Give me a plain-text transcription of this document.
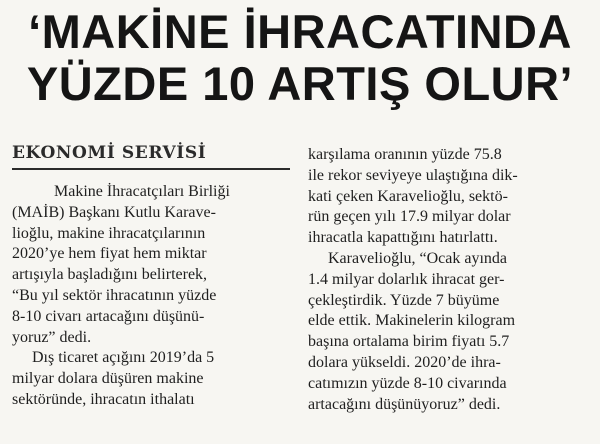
‘MAKİNE İHRACATINDA
YÜZDE 10 ARTIŞ OLUR’
EKONOMİ SERVİSİ

Makine İhracatçıları Birliği
(MAİB) Başkanı Kutlu Karave-
lioğlu, makine ihracatçılarının
2020’ye hem fiyat hem miktar
artışıyla başladığını belirterek,
“Bu yıl sektör ihracatının yüzde
8-10 civarı artacağını düşünü-
yoruz” dedi.

Dış ticaret açığını 2019’da 5
milyar dolara düşüren makine
sektöründe, ihracatın ithalatı

karşılama oranının yüzde 75.8
ile rekor seviyeye ulaştığına dik-
kati çeken Karavelioğlu, sektö-
rün geçen yılı 17.9 milyar dolar
ihracatla kapattığını hatırlattı.

Karavelioğlu, “Ocak ayında
1.4 milyar dolarlık ihracat ger-
çekleştirdik. Yüzde 7 büyüme
elde ettik. Makinelerin kilogram
başına ortalama birim fiyatı 5.7
dolara yükseldi. 2020’de ihra-
catımızın yüzde 8-10 civarında
artacağını düşünüyoruz” dedi.
